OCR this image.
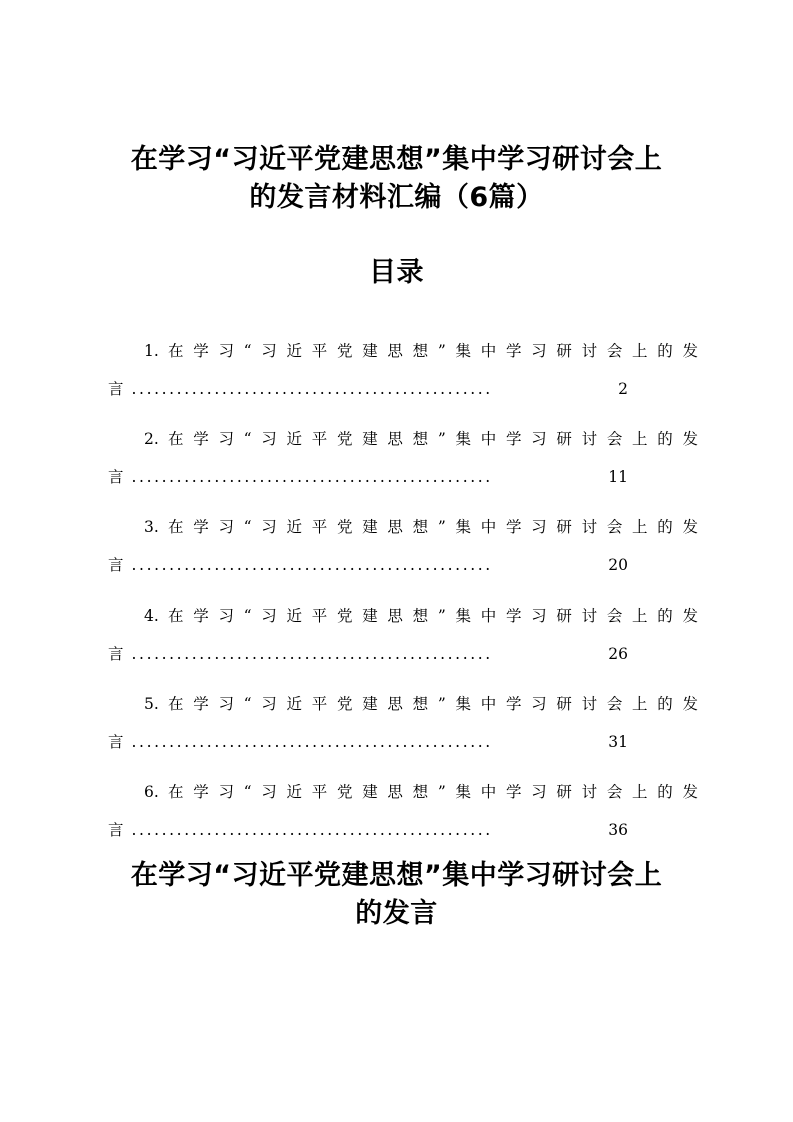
在学习“习近平党建思想”集中学习研讨会上
的发言材料汇编（6篇）
目录
1. 在学习“习近平党建思想”集中学习研讨会上的发
言 ................................................	2
2. 在学习“习近平党建思想”集中学习研讨会上的发
言 ................................................	11
3. 在学习“习近平党建思想”集中学习研讨会上的发
言 ................................................	20
4. 在学习“习近平党建思想”集中学习研讨会上的发
言 ................................................	26
5. 在学习“习近平党建思想”集中学习研讨会上的发
言 ................................................	31
6. 在学习“习近平党建思想”集中学习研讨会上的发
言 ................................................	36
在学习“习近平党建思想”集中学习研讨会上
的发言
